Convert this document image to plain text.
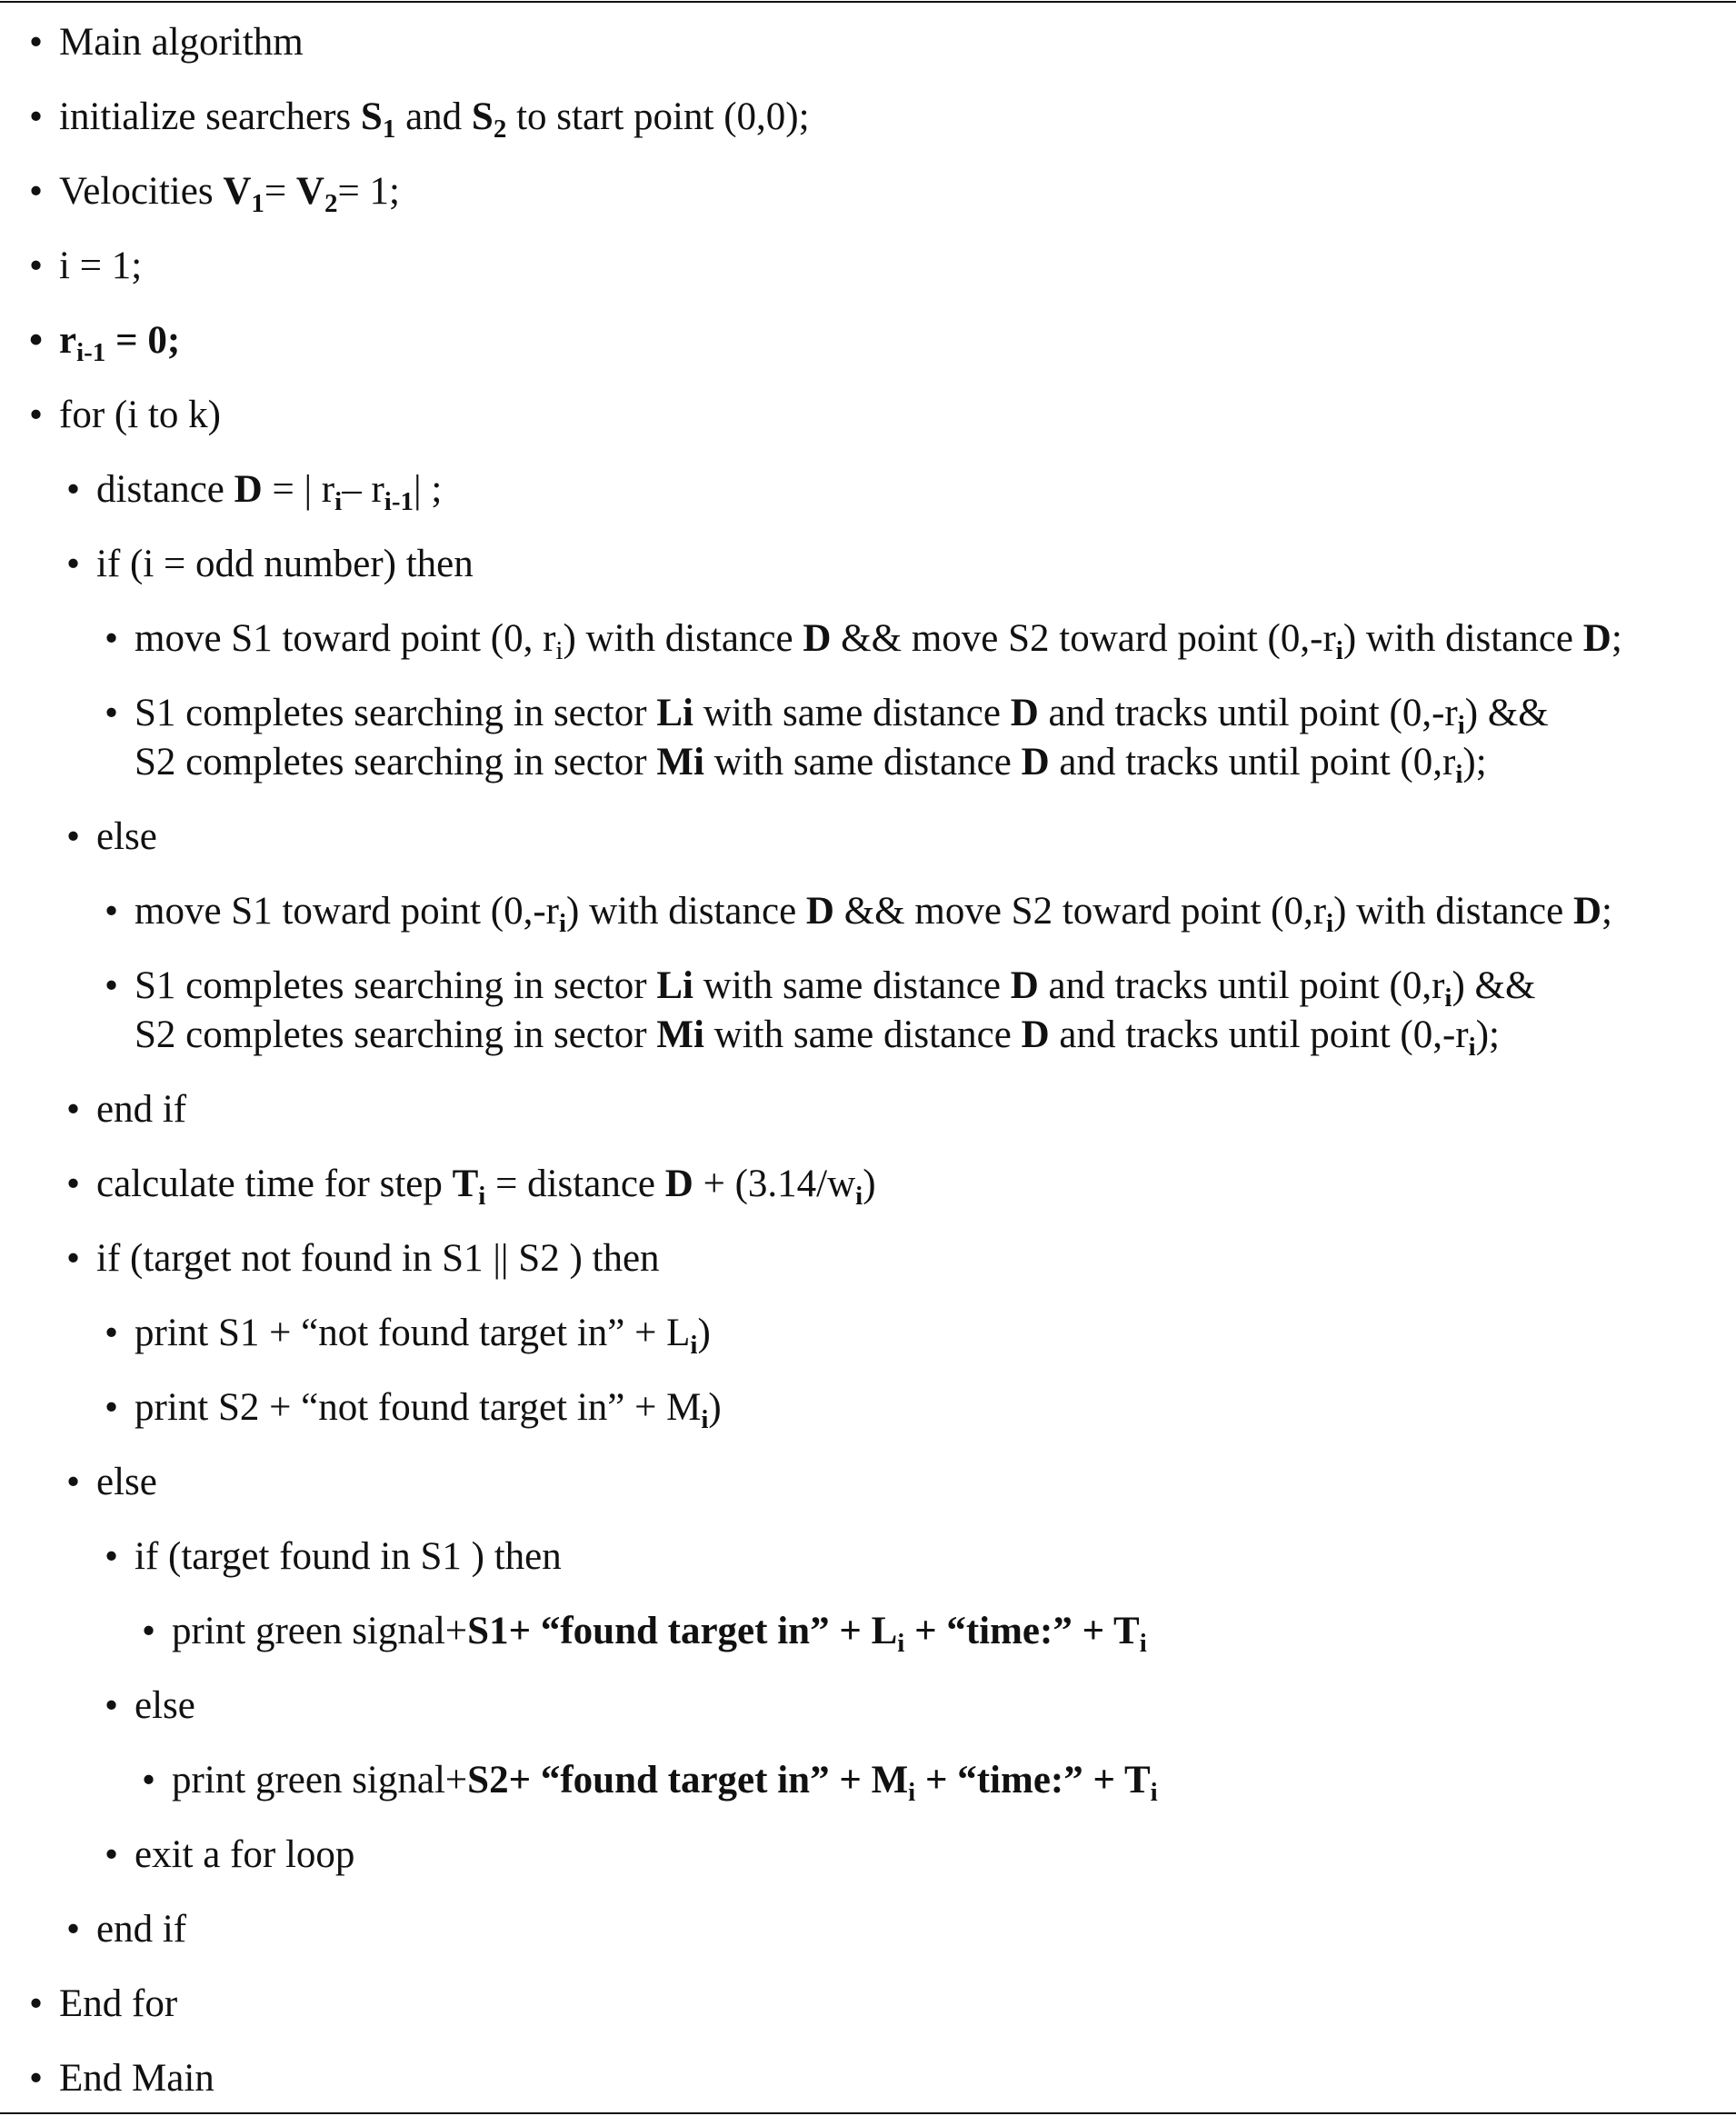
• Main algorithm
• initialize searchers $S_1$ and $S_2$ to start point (0,0);
• Velocities $V_1= V_2= 1$;
• i = 1;
• $r_{i-1} = 0$;
• for (i to k)
• distance D = | $r_i-$ $r_{i-1}|$ ;
• if (i = odd number) then
• move S1 toward point (0, $r_i$) with distance D && move S2 toward point $(0,-r_i)$ with distance D;
• S1 completes searching in sector Li with same distance D and tracks until point $(0,-r_i)$ &&
S2 completes searching in sector Mi with same distance D and tracks until point $(0,r_i)$;
• else
• move S1 toward point $(0,-r_i)$ with distance D && move S2 toward point $(0,r_i)$ with distance D;
• S1 completes searching in sector Li with same distance D and tracks until point $(0,r_i)$ &&
S2 completes searching in sector Mi with same distance D and tracks until point $(0,-r_i)$;
• end if
• calculate time for step $T_i$ = distance $D + (3.14/w_i)$
• if (target not found in S1 || S2 ) then
• print S1 + “not found target in” + $L_i$)
• print S2 + “not found target in” + $M_i$)
• else
• if (target found in S1 ) then
• print green signal+S1+ “found target in” + $L_i$ + “time:” + $T_i$
• else
• print green signal+S2+ “found target in” + $M_i$ + “time:” + $T_i$
• exit a for loop
• end if
• End for
• End Main
